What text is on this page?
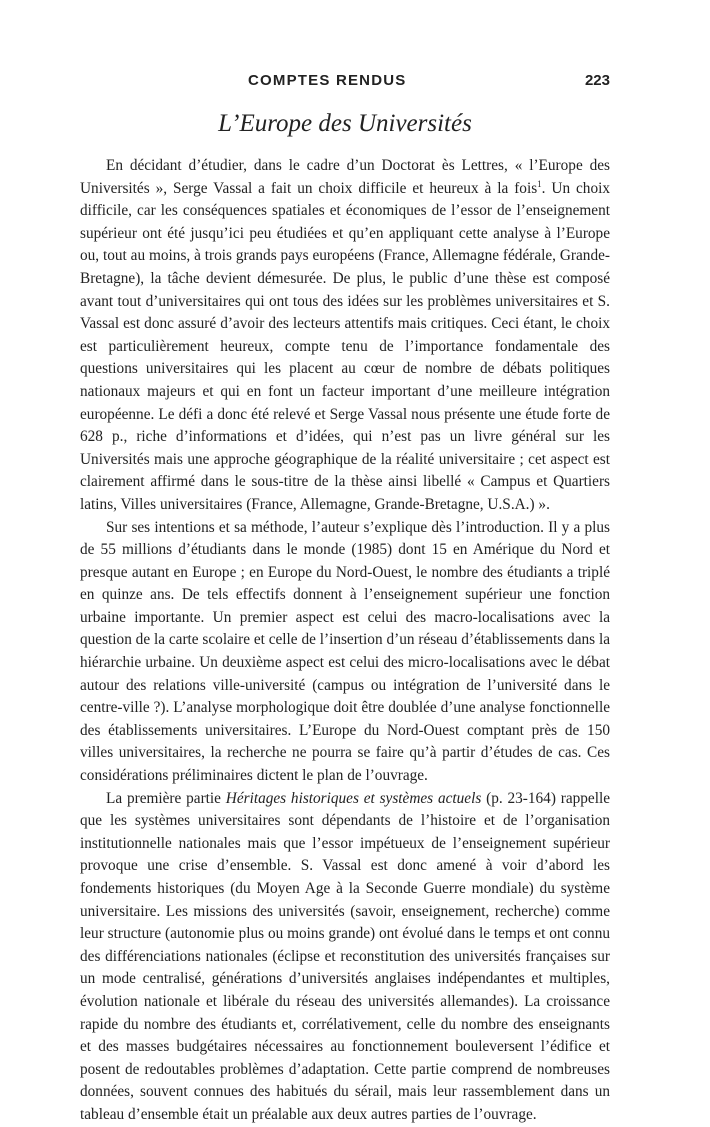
COMPTES RENDUS	223
L’Europe des Universités

En décidant d’étudier, dans le cadre d’un Doctorat ès Lettres, « l’Europe des Universités », Serge Vassal a fait un choix difficile et heureux à la fois$^1$. Un choix difficile, car les conséquences spatiales et économiques de l’essor de l’enseignement supérieur ont été jusqu’ici peu étudiées et qu’en appliquant cette analyse à l’Europe ou, tout au moins, à trois grands pays européens (France, Allemagne fédérale, Grande-Bretagne), la tâche devient démesurée. De plus, le public d’une thèse est composé avant tout d’universitaires qui ont tous des idées sur les problèmes universitaires et S. Vassal est donc assuré d’avoir des lecteurs attentifs mais critiques. Ceci étant, le choix est particulièrement heureux, compte tenu de l’importance fondamentale des questions universitaires qui les placent au cœur de nombre de débats politiques nationaux majeurs et qui en font un facteur important d’une meilleure intégration européenne. Le défi a donc été relevé et Serge Vassal nous présente une étude forte de 628 p., riche d’informations et d’idées, qui n’est pas un livre général sur les Universités mais une approche géographique de la réalité universitaire ; cet aspect est clairement affirmé dans le sous-titre de la thèse ainsi libellé « Campus et Quartiers latins, Villes universitaires (France, Allemagne, Grande-Bretagne, U.S.A.) ».

Sur ses intentions et sa méthode, l’auteur s’explique dès l’introduction. Il y a plus de 55 millions d’étudiants dans le monde (1985) dont 15 en Amérique du Nord et presque autant en Europe ; en Europe du Nord-Ouest, le nombre des étudiants a triplé en quinze ans. De tels effectifs donnent à l’enseignement supérieur une fonction urbaine importante. Un premier aspect est celui des macro-localisations avec la question de la carte scolaire et celle de l’insertion d’un réseau d’établissements dans la hiérarchie urbaine. Un deuxième aspect est celui des micro-localisations avec le débat autour des relations ville-université (campus ou intégration de l’université dans le centre-ville ?). L’analyse morphologique doit être doublée d’une analyse fonctionnelle des établissements universitaires. L’Europe du Nord-Ouest comptant près de 150 villes universitaires, la recherche ne pourra se faire qu’à partir d’études de cas. Ces considérations préliminaires dictent le plan de l’ouvrage.

La première partie Héritages historiques et systèmes actuels (p. 23-164) rappelle que les systèmes universitaires sont dépendants de l’histoire et de l’organisation institutionnelle nationales mais que l’essor impétueux de l’enseignement supérieur provoque une crise d’ensemble. S. Vassal est donc amené à voir d’abord les fondements historiques (du Moyen Age à la Seconde Guerre mondiale) du système universitaire. Les missions des universités (savoir, enseignement, recherche) comme leur structure (autonomie plus ou moins grande) ont évolué dans le temps et ont connu des différenciations nationales (éclipse et reconstitution des universités françaises sur un mode centralisé, générations d’universités anglaises indépendantes et multiples, évolution nationale et libérale du réseau des universités allemandes). La croissance rapide du nombre des étudiants et, corrélativement, celle du nombre des enseignants et des masses budgétaires nécessaires au fonctionnement bouleversent l’édifice et posent de redoutables problèmes d’adaptation. Cette partie comprend de nombreuses données, souvent connues des habitués du sérail, mais leur rassemblement dans un tableau d’ensemble était un préalable aux deux autres parties de l’ouvrage.
